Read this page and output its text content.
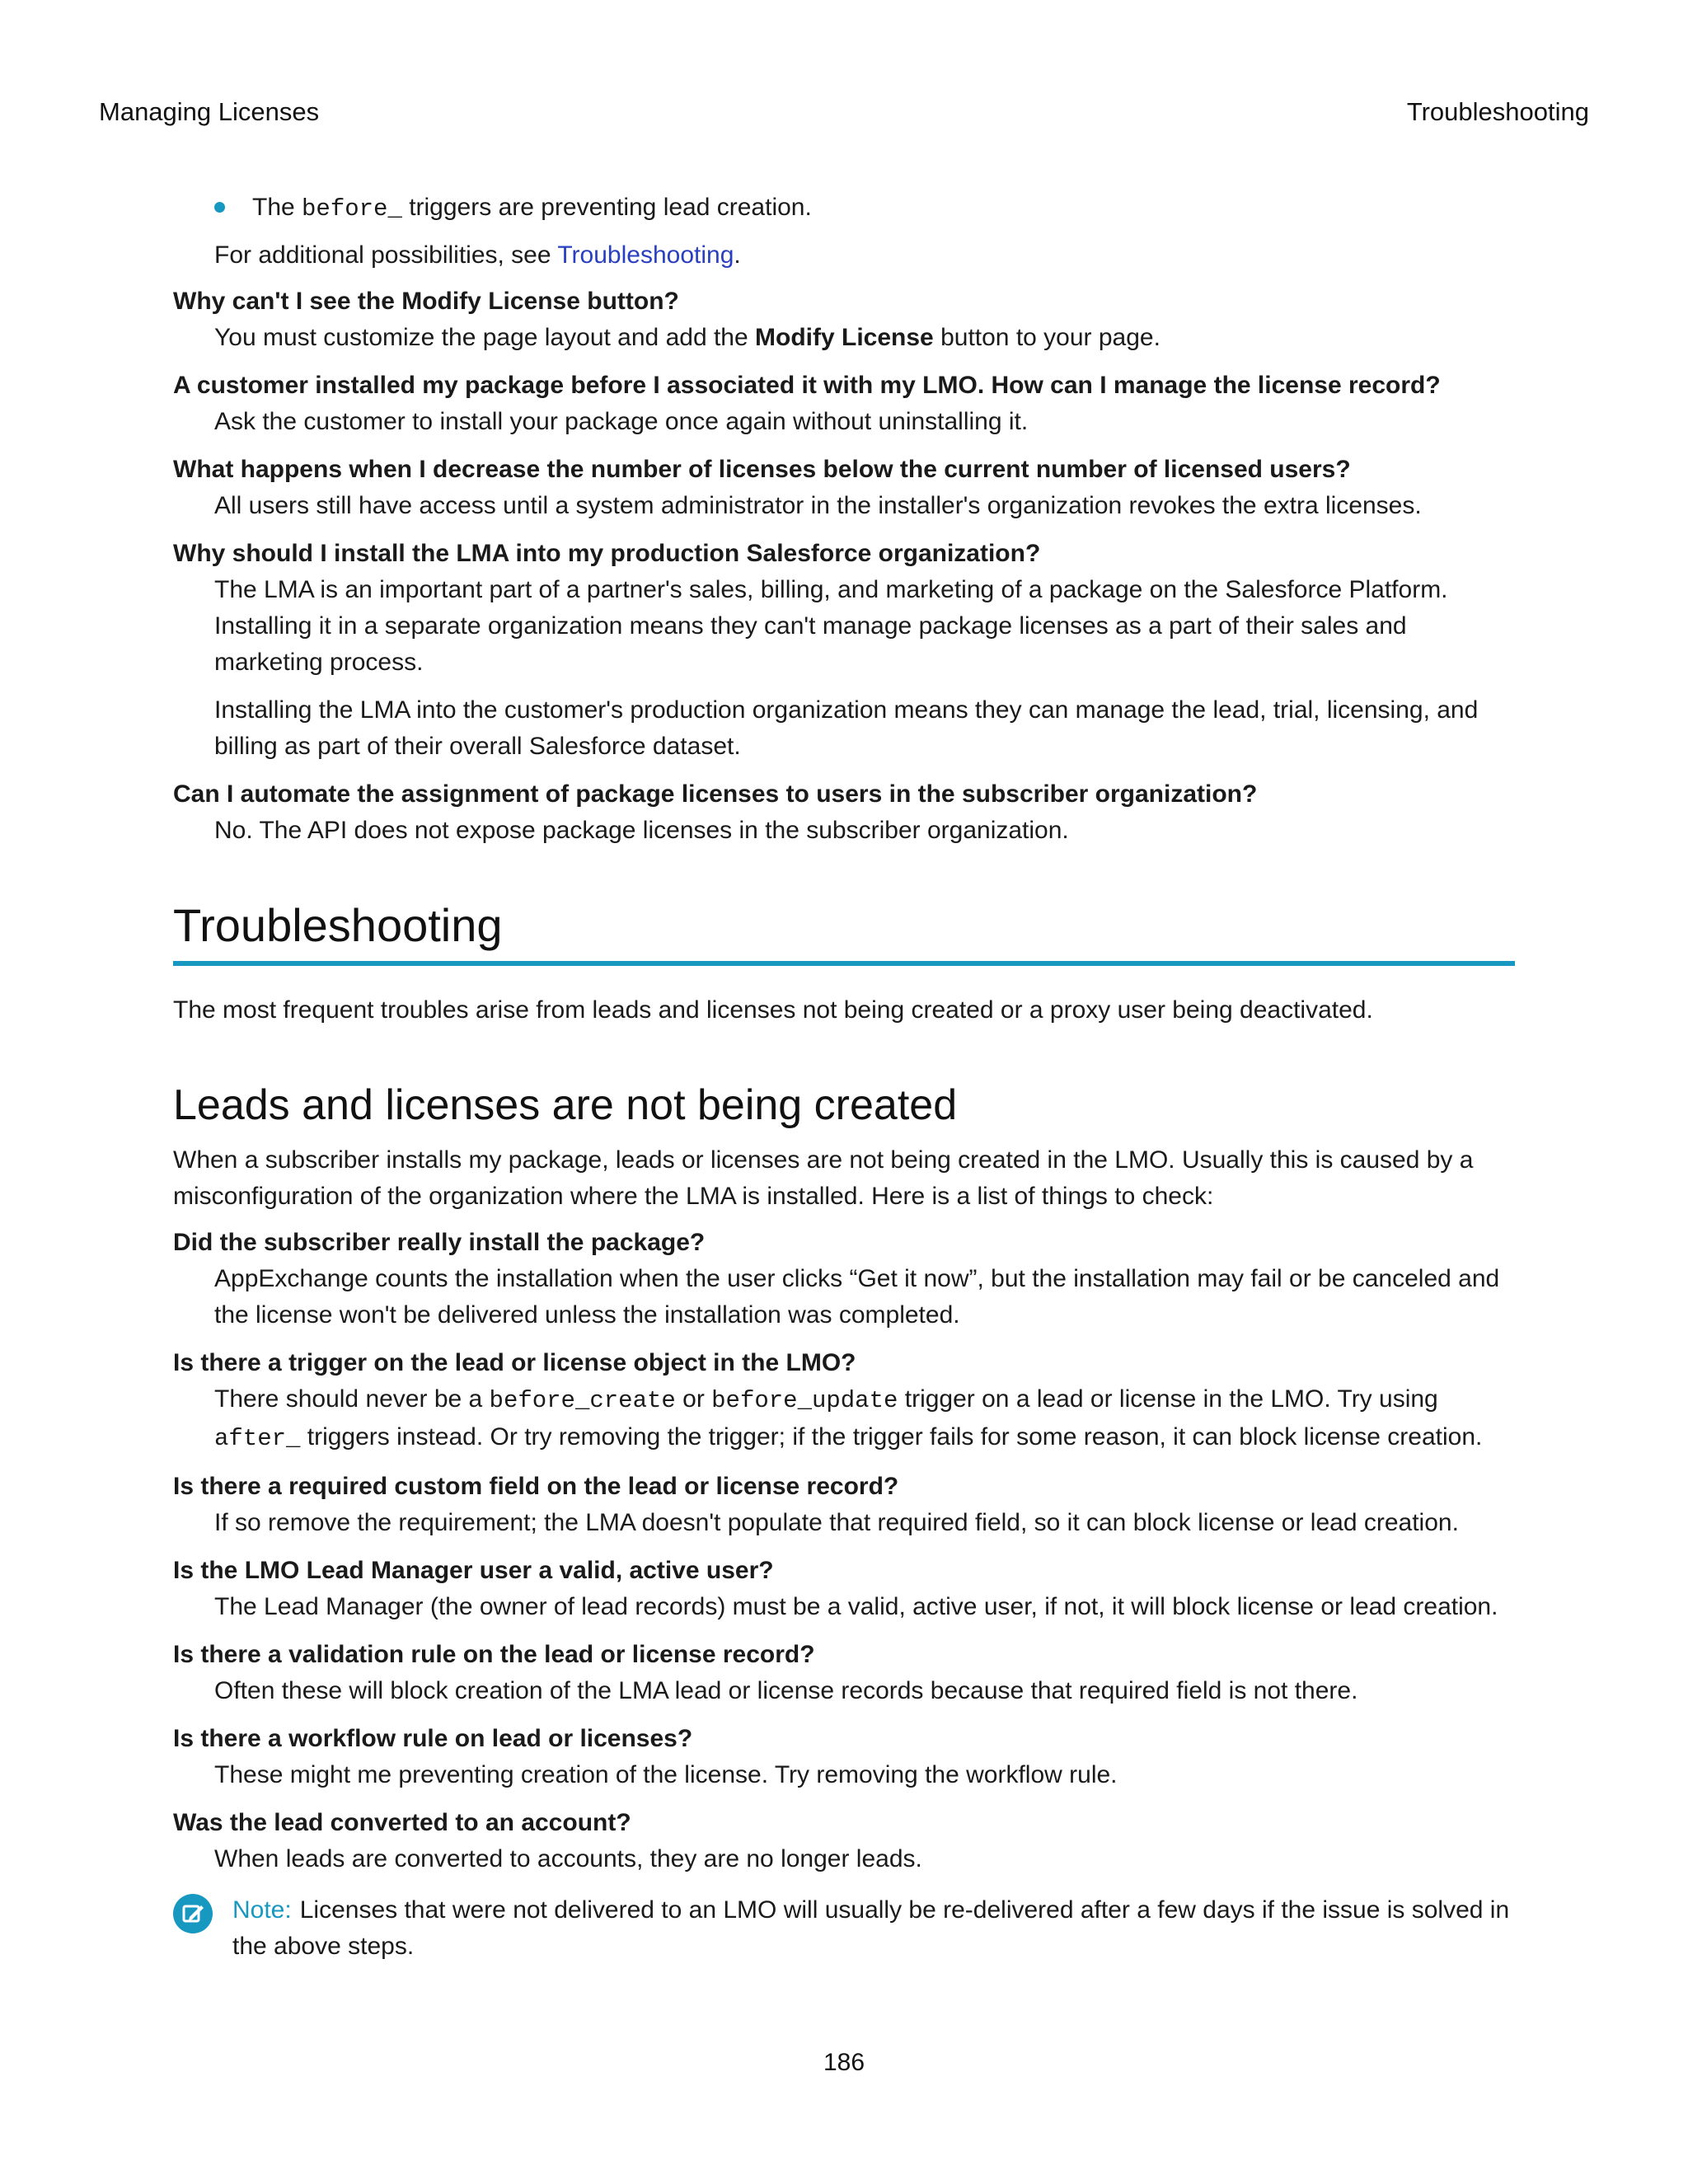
Managing Licenses	Troubleshooting
The before_ triggers are preventing lead creation.

For additional possibilities, see Troubleshooting.

Why can't I see the Modify License button?

You must customize the page layout and add the Modify License button to your page.

A customer installed my package before I associated it with my LMO. How can I manage the license record?

Ask the customer to install your package once again without uninstalling it.

What happens when I decrease the number of licenses below the current number of licensed users?

All users still have access until a system administrator in the installer's organization revokes the extra licenses.

Why should I install the LMA into my production Salesforce organization?

The LMA is an important part of a partner's sales, billing, and marketing of a package on the Salesforce Platform. Installing it in a separate organization means they can't manage package licenses as a part of their sales and marketing process.

Installing the LMA into the customer's production organization means they can manage the lead, trial, licensing, and billing as part of their overall Salesforce dataset.

Can I automate the assignment of package licenses to users in the subscriber organization?

No. The API does not expose package licenses in the subscriber organization.

Troubleshooting

The most frequent troubles arise from leads and licenses not being created or a proxy user being deactivated.

Leads and licenses are not being created

When a subscriber installs my package, leads or licenses are not being created in the LMO. Usually this is caused by a misconfiguration of the organization where the LMA is installed. Here is a list of things to check:

Did the subscriber really install the package?

AppExchange counts the installation when the user clicks “Get it now”, but the installation may fail or be canceled and the license won't be delivered unless the installation was completed.

Is there a trigger on the lead or license object in the LMO?

There should never be a before_create or before_update trigger on a lead or license in the LMO. Try using after_ triggers instead. Or try removing the trigger; if the trigger fails for some reason, it can block license creation.

Is there a required custom field on the lead or license record?

If so remove the requirement; the LMA doesn't populate that required field, so it can block license or lead creation.

Is the LMO Lead Manager user a valid, active user?

The Lead Manager (the owner of lead records) must be a valid, active user, if not, it will block license or lead creation.

Is there a validation rule on the lead or license record?

Often these will block creation of the LMA lead or license records because that required field is not there.

Is there a workflow rule on lead or licenses?

These might me preventing creation of the license. Try removing the workflow rule.

Was the lead converted to an account?

When leads are converted to accounts, they are no longer leads.

Note: Licenses that were not delivered to an LMO will usually be re-delivered after a few days if the issue is solved in the above steps.
186
